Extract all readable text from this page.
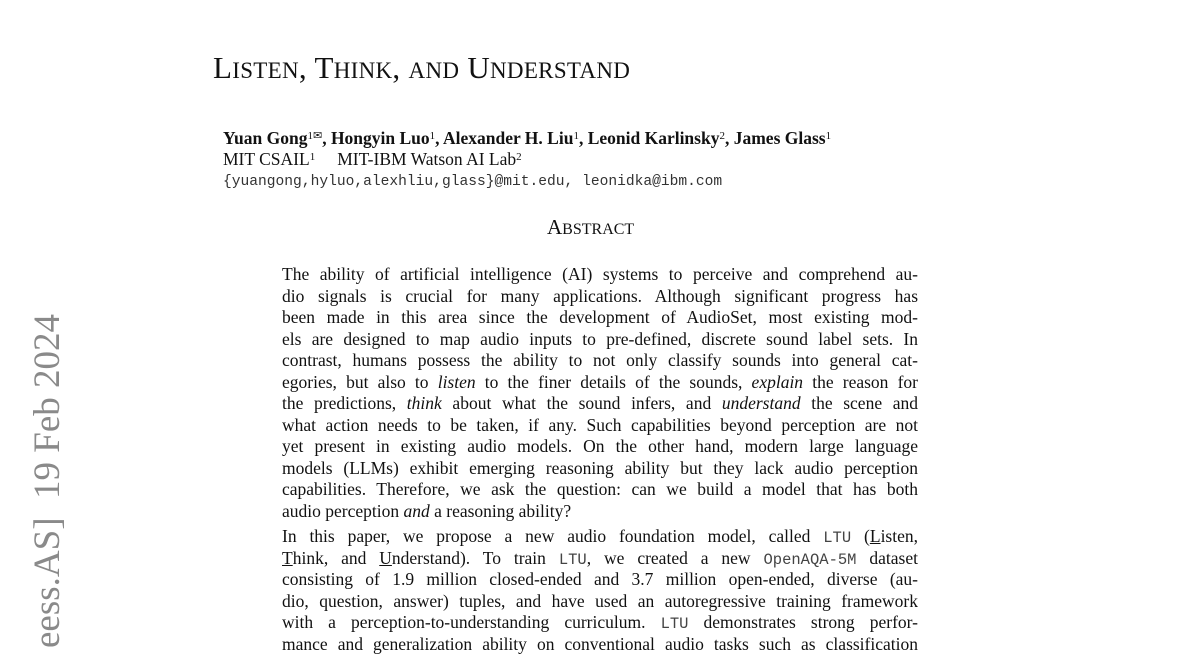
eess.AS]  19 Feb 2024
LISTEN, THINK, AND UNDERSTAND
Yuan Gong$^{1✉}$, Hongyin Luo$^1$, Alexander H. Liu$^1$, Leonid Karlinsky$^2$, James Glass$^1$
MIT CSAIL$^1$ MIT-IBM Watson AI Lab$^2$
{yuangong,hyluo,alexhliu,glass}@mit.edu, leonidka@ibm.com
ABSTRACT
The ability of artificial intelligence (AI) systems to perceive and comprehend au-
dio signals is crucial for many applications. Although significant progress has
been made in this area since the development of AudioSet, most existing mod-
els are designed to map audio inputs to pre-defined, discrete sound label sets. In
contrast, humans possess the ability to not only classify sounds into general cat-
egories, but also to listen to the finer details of the sounds, explain the reason for
the predictions, think about what the sound infers, and understand the scene and
what action needs to be taken, if any. Such capabilities beyond perception are not
yet present in existing audio models. On the other hand, modern large language
models (LLMs) exhibit emerging reasoning ability but they lack audio perception
capabilities. Therefore, we ask the question: can we build a model that has both
audio perception and a reasoning ability?
In this paper, we propose a new audio foundation model, called LTU (Listen,
Think, and Understand). To train LTU, we created a new OpenAQA-5M dataset
consisting of 1.9 million closed-ended and 3.7 million open-ended, diverse (au-
dio, question, answer) tuples, and have used an autoregressive training framework
with a perception-to-understanding curriculum. LTU demonstrates strong perfor-
mance and generalization ability on conventional audio tasks such as classification
